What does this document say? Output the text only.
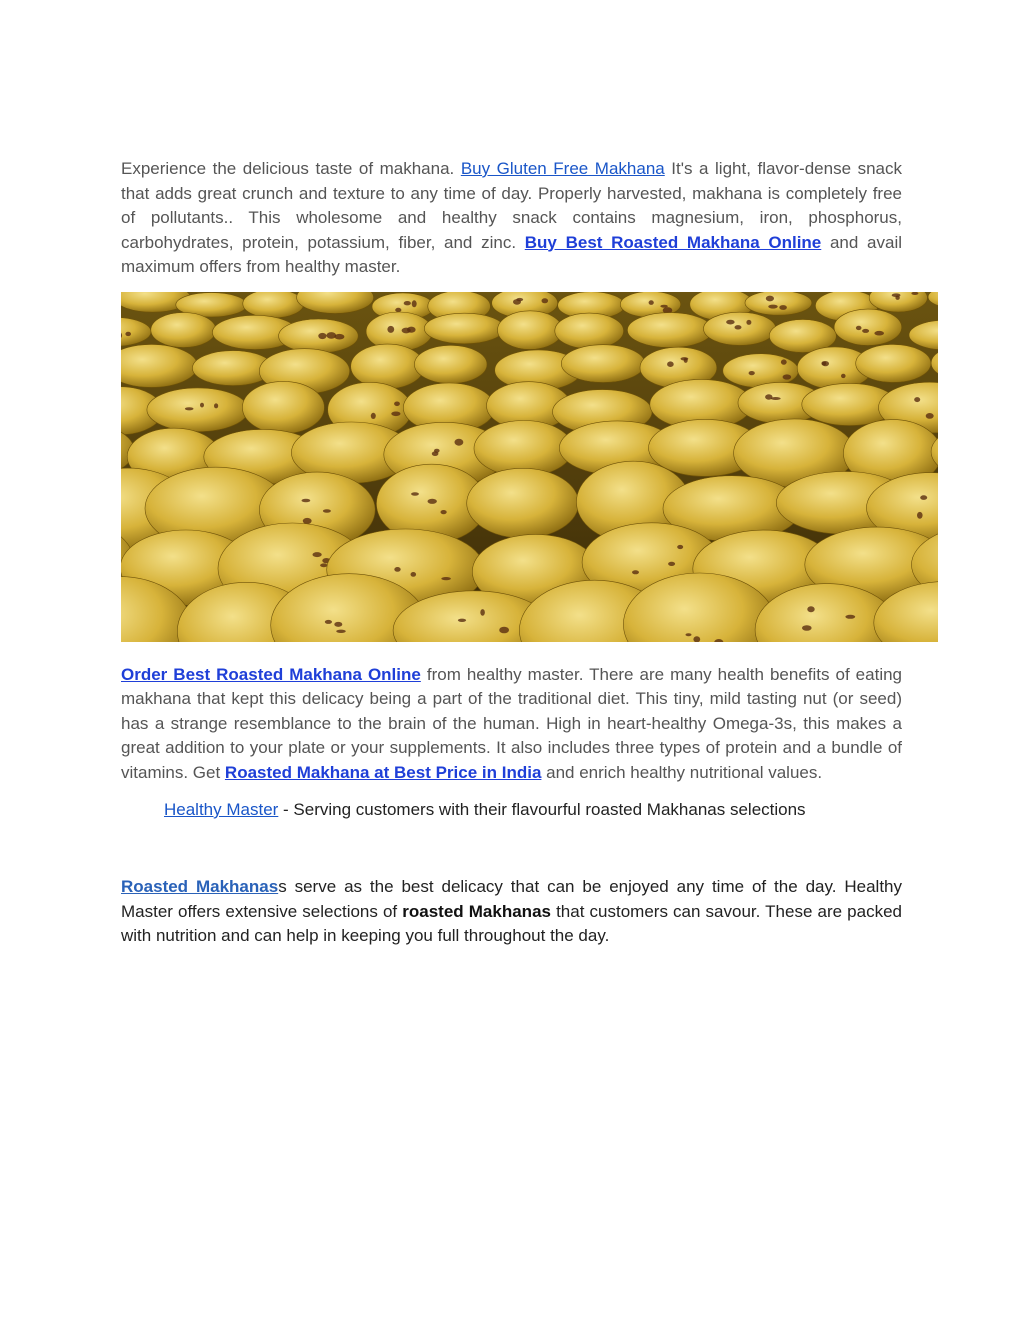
Experience the delicious taste of makhana. Buy Gluten Free Makhana It's a light, flavor-dense snack that adds great crunch and texture to any time of day. Properly harvested, makhana is completely free of pollutants.. This wholesome and healthy snack contains magnesium, iron, phosphorus, carbohydrates, protein, potassium, fiber, and zinc. Buy Best Roasted Makhana Online and avail maximum offers from healthy master.

Order Best Roasted Makhana Online from healthy master. There are many health benefits of eating makhana that kept this delicacy being a part of the traditional diet. This tiny, mild tasting nut (or seed) has a strange resemblance to the brain of the human. High in heart-healthy Omega-3s, this makes a great addition to your plate or your supplements. It also includes three types of protein and a bundle of vitamins. Get Roasted Makhana at Best Price in India and enrich healthy nutritional values.

Healthy Master - Serving customers with their flavourful roasted Makhanas selections

Roasted Makhanass serve as the best delicacy that can be enjoyed any time of the day. Healthy Master offers extensive selections of roasted Makhanas that customers can savour. These are packed with nutrition and can help in keeping you full throughout the day.
